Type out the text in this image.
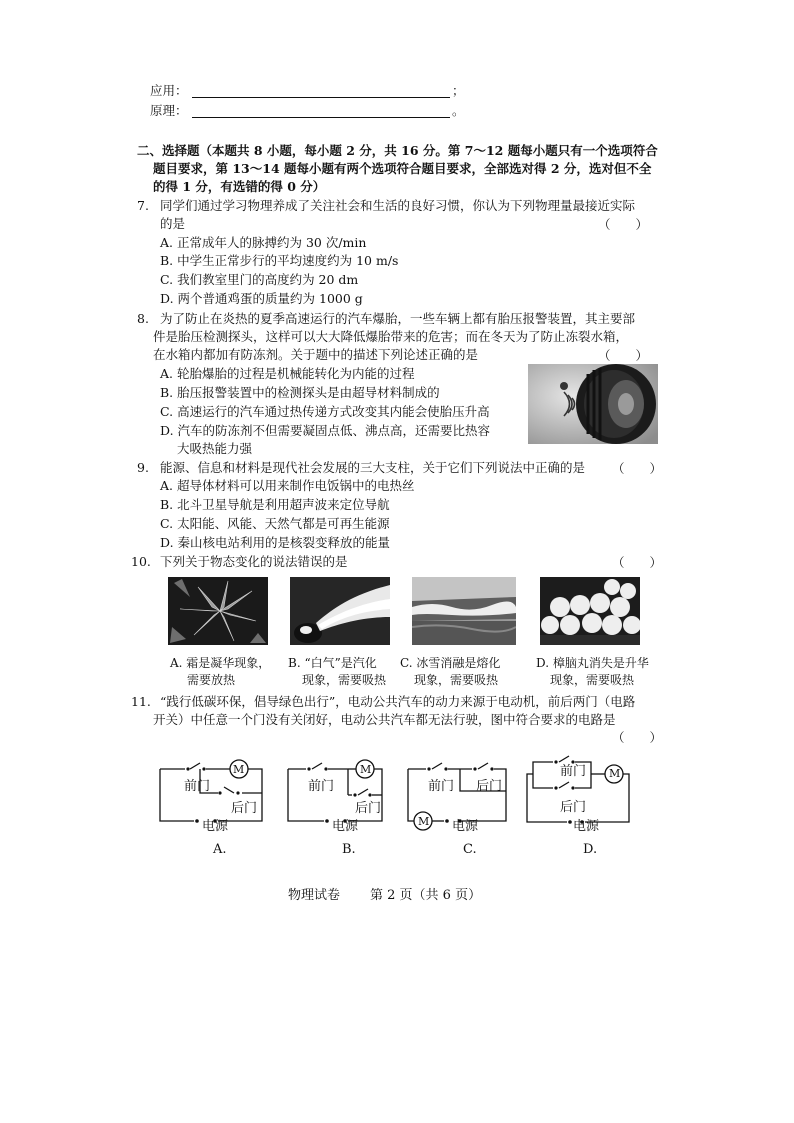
应用：	；
原理：	。
二、选择题（本题共 8 小题，每小题 2 分，共 16 分。第 7～12 题每小题只有一个选项符合
题目要求，第 13～14 题每小题有两个选项符合题目要求，全部选对得 2 分，选对但不全
的得 1 分，有选错的得 0 分）
7. 同学们通过学习物理养成了关注社会和生活的良好习惯，你认为下列物理量最接近实际
的是	（　　）
A. 正常成年人的脉搏约为 30 次/min
B. 中学生正常步行的平均速度约为 10 m/s
C. 我们教室里门的高度约为 20 dm
D. 两个普通鸡蛋的质量约为 1000 g
8. 为了防止在炎热的夏季高速运行的汽车爆胎，一些车辆上都有胎压报警装置，其主要部
件是胎压检测探头，这样可以大大降低爆胎带来的危害；而在冬天为了防止冻裂水箱，
在水箱内都加有防冻剂。关于题中的描述下列论述正确的是	（　　）
A. 轮胎爆胎的过程是机械能转化为内能的过程
B. 胎压报警装置中的检测探头是由超导材料制成的
C. 高速运行的汽车通过热传递方式改变其内能会使胎压升高
D. 汽车的防冻剂不但需要凝固点低、沸点高，还需要比热容
大吸热能力强
9. 能源、信息和材料是现代社会发展的三大支柱，关于它们下列说法中正确的是 （　　）
A. 超导体材料可以用来制作电饭锅中的电热丝
B. 北斗卫星导航是利用超声波来定位导航
C. 太阳能、风能、天然气都是可再生能源
D. 秦山核电站利用的是核裂变释放的能量
10. 下列关于物态变化的说法错误的是	（　　）
A. 霜是凝华现象，
需要放热
B. “白气”是汽化
现象，需要吸热
C. 冰雪消融是熔化
现象，需要吸热
D. 樟脑丸消失是升华
现象，需要吸热
11. “践行低碳环保，倡导绿色出行”，电动公共汽车的动力来源于电动机，前后两门（电路
开关）中任意一个门没有关闭好，电动公共汽车都无法行驶，图中符合要求的电路是
（　　）
M
前门
后门
电源
M
前门
后门
电源	M
前门 后门
电源
M
前门
后门
电源
A.	B.	C.	D.
物理试卷 第 2 页（共 6 页）
